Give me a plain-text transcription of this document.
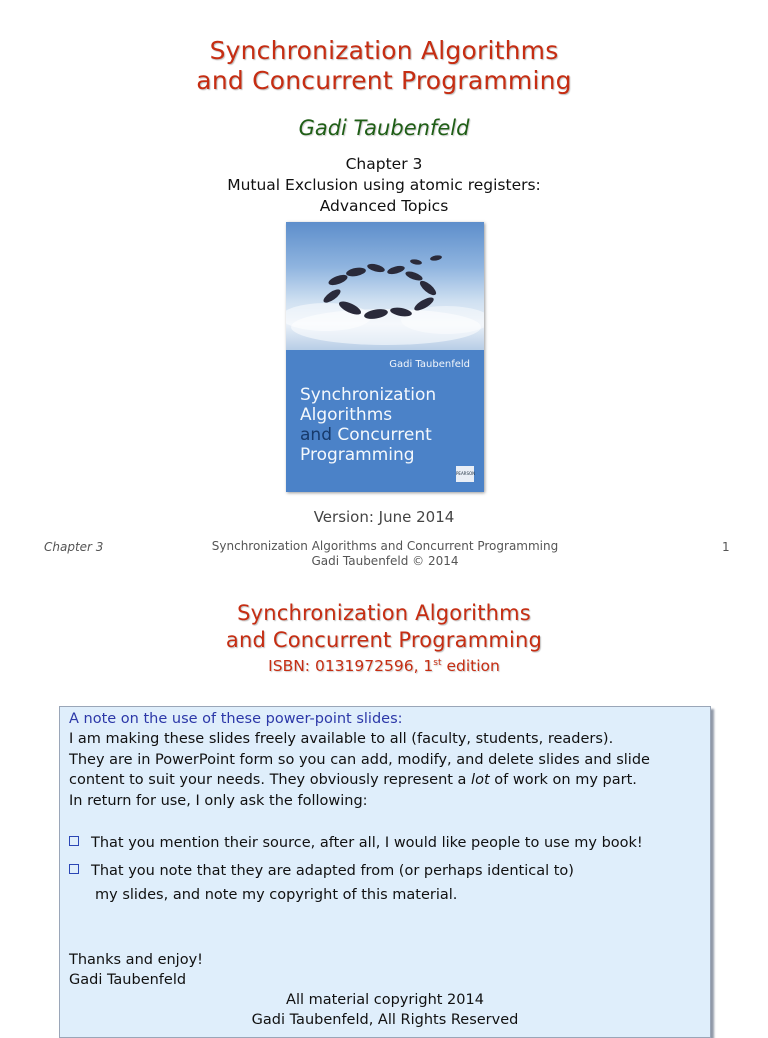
Synchronization Algorithms
and Concurrent Programming
Gadi Taubenfeld
Chapter 3
Mutual Exclusion using atomic registers:
Advanced Topics
Gadi Taubenfeld
Synchronization
Algorithms
and Concurrent
Programming
PEARSON
Version: June 2014
Chapter 3	Synchronization Algorithms and Concurrent Programming
Gadi Taubenfeld © 2014
1
Synchronization Algorithms
and Concurrent Programming
ISBN: 0131972596, 1st edition
A note on the use of these power-point slides:
I am making these slides freely available to all (faculty, students, readers).
They are in PowerPoint form so you can add, modify, and delete slides and slide
content to suit your needs. They obviously represent a lot of work on my part.
In return for use, I only ask the following:
That you mention their source, after all, I would like people to use my book!
That you note that they are adapted from (or perhaps identical to)
my slides, and note my copyright of this material.
Thanks and enjoy!
Gadi Taubenfeld
All material copyright 2014
Gadi Taubenfeld, All Rights Reserved
